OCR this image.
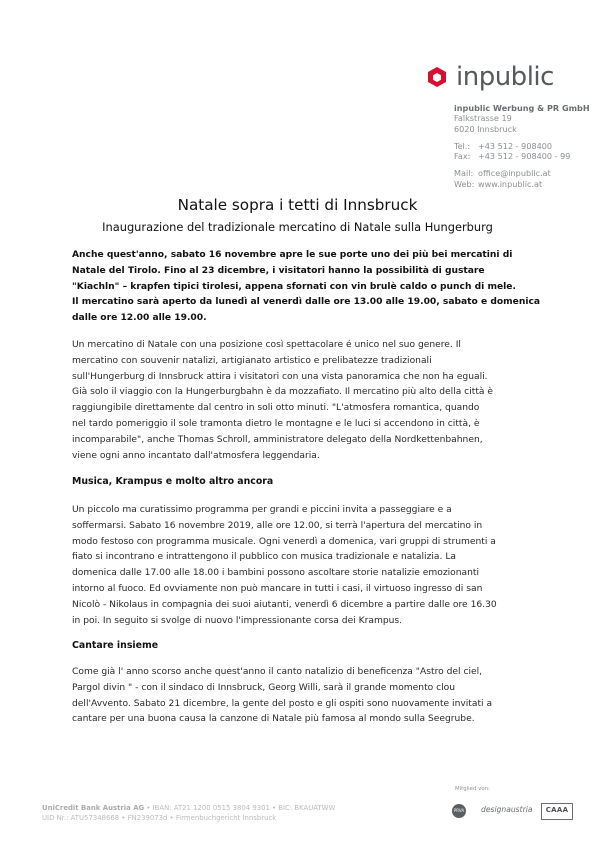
inpublic
inpublic Werbung & PR GmbH
Falkstrasse 19
6020 Innsbruck
Tel.: +43 512 - 908400
Fax: +43 512 - 908400 - 99
Mail: office@inpublic.at
Web: www.inpublic.at
Natale sopra i tetti di Innsbruck
Inaugurazione del tradizionale mercatino di Natale sulla Hungerburg
Anche quest'anno, sabato 16 novembre apre le sue porte uno dei più bei mercatini di
Natale del Tirolo. Fino al 23 dicembre, i visitatori hanno la possibilità di gustare
"Kiachln" – krapfen tipici tirolesi, appena sfornati con vin brulè caldo o punch di mele.
Il mercatino sarà aperto da lunedì al venerdì dalle ore 13.00 alle 19.00, sabato e domenica
dalle ore 12.00 alle 19.00.
Un mercatino di Natale con una posizione così spettacolare é unico nel suo genere. Il
mercatino con souvenir natalizi, artigianato artistico e prelibatezze tradizionali
sull'Hungerburg di Innsbruck attira i visitatori con una vista panoramica che non ha eguali.
Già solo il viaggio con la Hungerburgbahn è da mozzafiato. Il mercatino più alto della città è
raggiungibile direttamente dal centro in soli otto minuti. "L'atmosfera romantica, quando
nel tardo pomeriggio il sole tramonta dietro le montagne e le luci si accendono in città, è
incomparabile", anche Thomas Schroll, amministratore delegato della Nordkettenbahnen,
viene ogni anno incantato dall'atmosfera leggendaria.
Musica, Krampus e molto altro ancora
Un piccolo ma curatissimo programma per grandi e piccini invita a passeggiare e a
soffermarsi. Sabato 16 novembre 2019, alle ore 12.00, si terrà l'apertura del mercatino in
modo festoso con programma musicale. Ogni venerdì a domenica, vari gruppi di strumenti a
fiato si incontrano e intrattengono il pubblico con musica tradizionale e natalizia. La
domenica dalle 17.00 alle 18.00 i bambini possono ascoltare storie natalizie emozionanti
intorno al fuoco. Ed ovviamente non può mancare in tutti i casi, il virtuoso ingresso di san
Nicolò - Nikolaus in compagnia dei suoi aiutanti, venerdì 6 dicembre a partire dalle ore 16.30
in poi. In seguito si svolge di nuovo l'impressionante corsa dei Krampus.
Cantare insieme
Come già l' anno scorso anche quest'anno il canto natalizio di beneficenza "Astro del ciel,
Pargol divin " - con il sindaco di Innsbruck, Georg Willi, sarà il grande momento clou
dell'Avvento. Sabato 21 dicembre, la gente del posto e gli ospiti sono nuovamente invitati a
cantare per una buona causa la canzone di Natale più famosa al mondo sulla Seegrube.
UniCredit Bank Austria AG • IBAN: AT21 1200 0515 3804 9301 • BIC: BKAUATWW
UID Nr.: ATU57348668 • FN239073d • Firmenbuchgericht Innsbruck
Mitglied von:
PRVA designaustria	CAAA
